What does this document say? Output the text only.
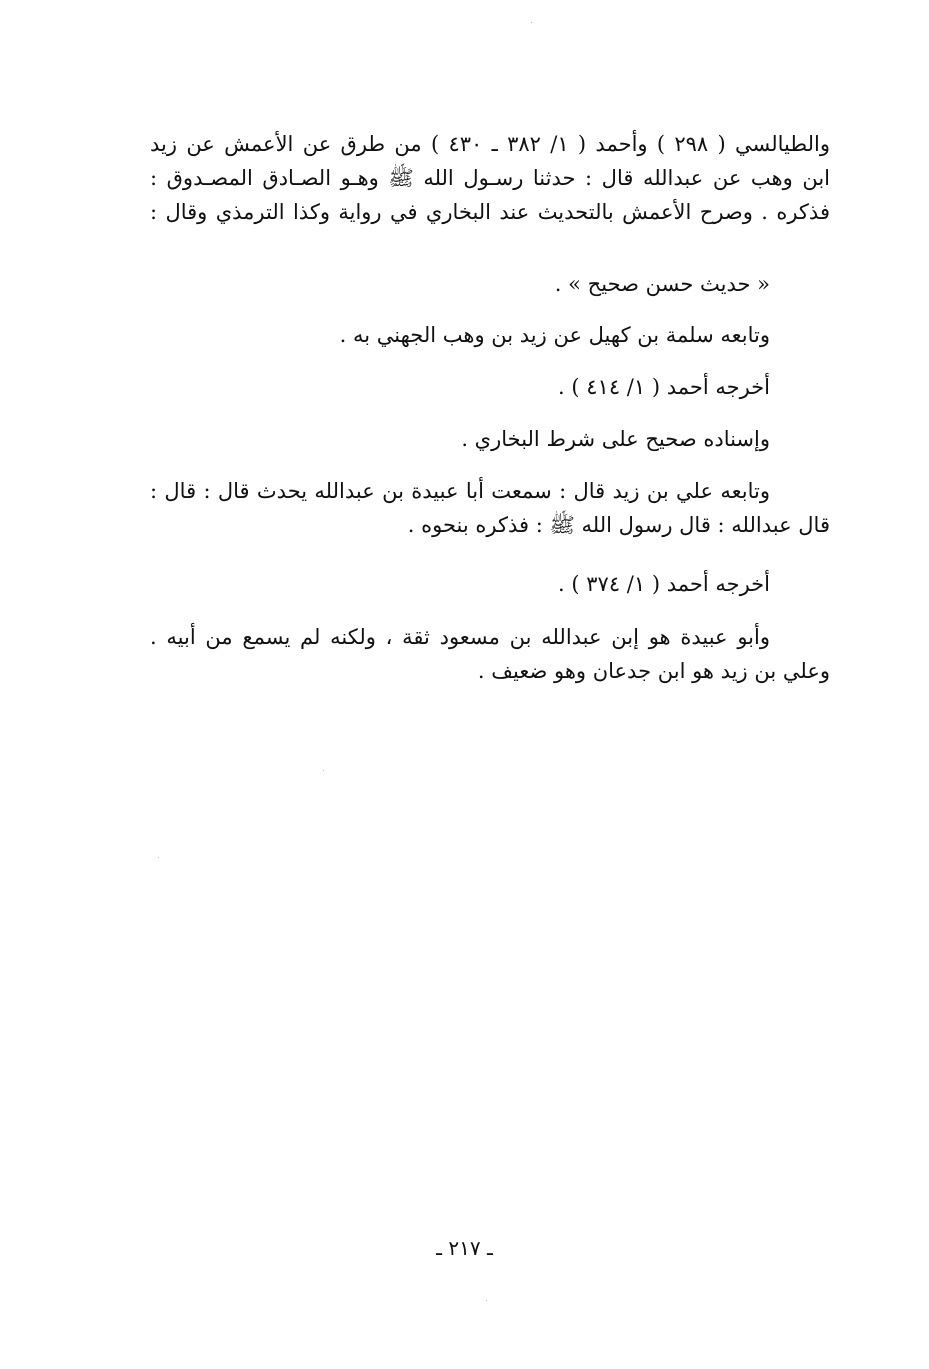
والطيالسي ( ٢٩٨ ) وأحمد ( ١/ ٣٨٢ ـ ٤٣٠ ) من طرق عن الأعمش عن زيد
ابن وهب عن عبدالله قال : حدثنا رسـول الله ﷺ وهـو الصـادق المصـدوق :
فذكره . وصرح الأعمش بالتحديث عند البخاري في رواية وكذا الترمذي وقال :
« حديث حسن صحيح » .
وتابعه سلمة بن كهيل عن زيد بن وهب الجهني به .
أخرجه أحمد ( ١/ ٤١٤ ) .
وإسناده صحيح على شرط البخاري .
وتابعه علي بن زيد قال : سمعت أبا عبيدة بن عبدالله يحدث قال : قال :
قال عبدالله : قال رسول الله ﷺ : فذكره بنحوه .
أخرجه أحمد ( ١/ ٣٧٤ ) .
وأبو عبيدة هو إبن عبدالله بن مسعود ثقة ، ولكنه لم يسمع من أبيه .
وعلي بن زيد هو ابن جدعان وهو ضعيف .
ـ ٢١٧ ـ
